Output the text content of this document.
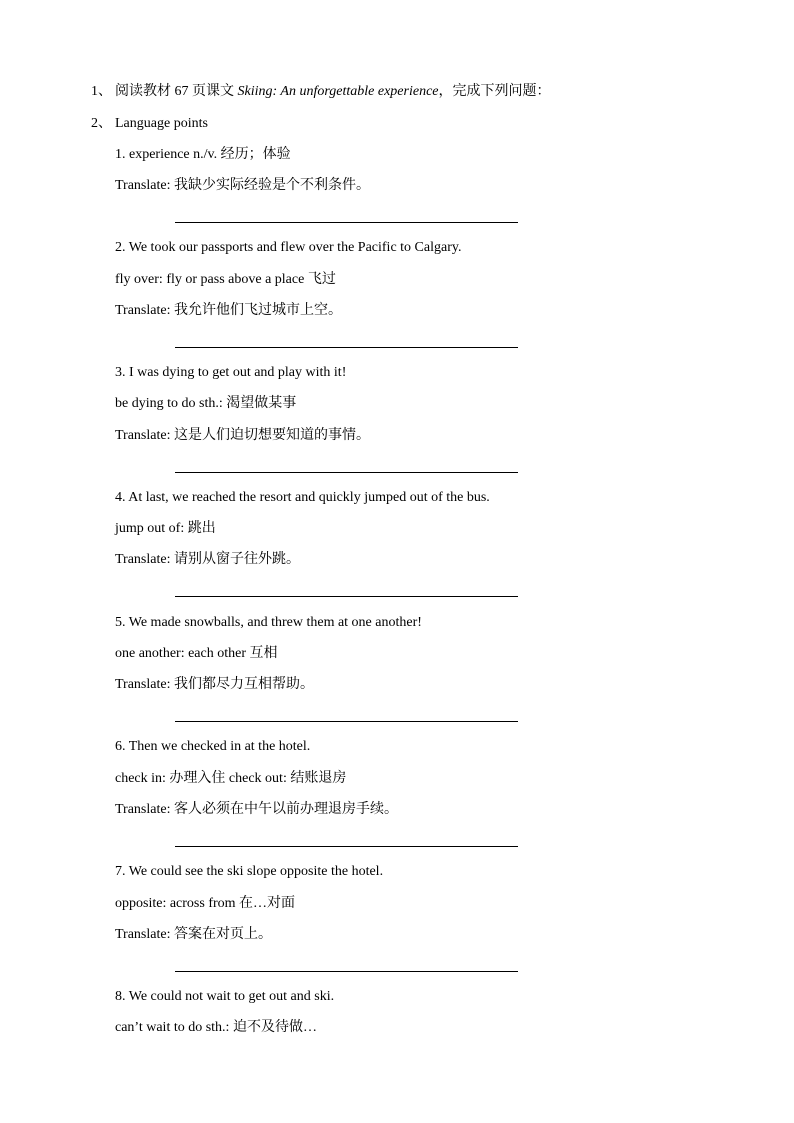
1、 阅读教材 67 页课文 Skiing: An unforgettable experience，完成下列问题：
2、 Language points
1. experience n./v. 经历；体验
Translate: 我缺少实际经验是个不利条件。
2. We took our passports and flew over the Pacific to Calgary.
fly over: fly or pass above a place 飞过
Translate: 我允许他们飞过城市上空。
3. I was dying to get out and play with it!
be dying to do sth.: 渴望做某事
Translate: 这是人们迫切想要知道的事情。
4. At last, we reached the resort and quickly jumped out of the bus.
jump out of: 跳出
Translate: 请别从窗子往外跳。
5. We made snowballs, and threw them at one another!
one another: each other 互相
Translate: 我们都尽力互相帮助。
6. Then we checked in at the hotel.
check in: 办理入住 check out: 结账退房
Translate: 客人必须在中午以前办理退房手续。
7. We could see the ski slope opposite the hotel.
opposite: across from 在…对面
Translate: 答案在对页上。
8. We could not wait to get out and ski.
can’t wait to do sth.: 迫不及待做…
